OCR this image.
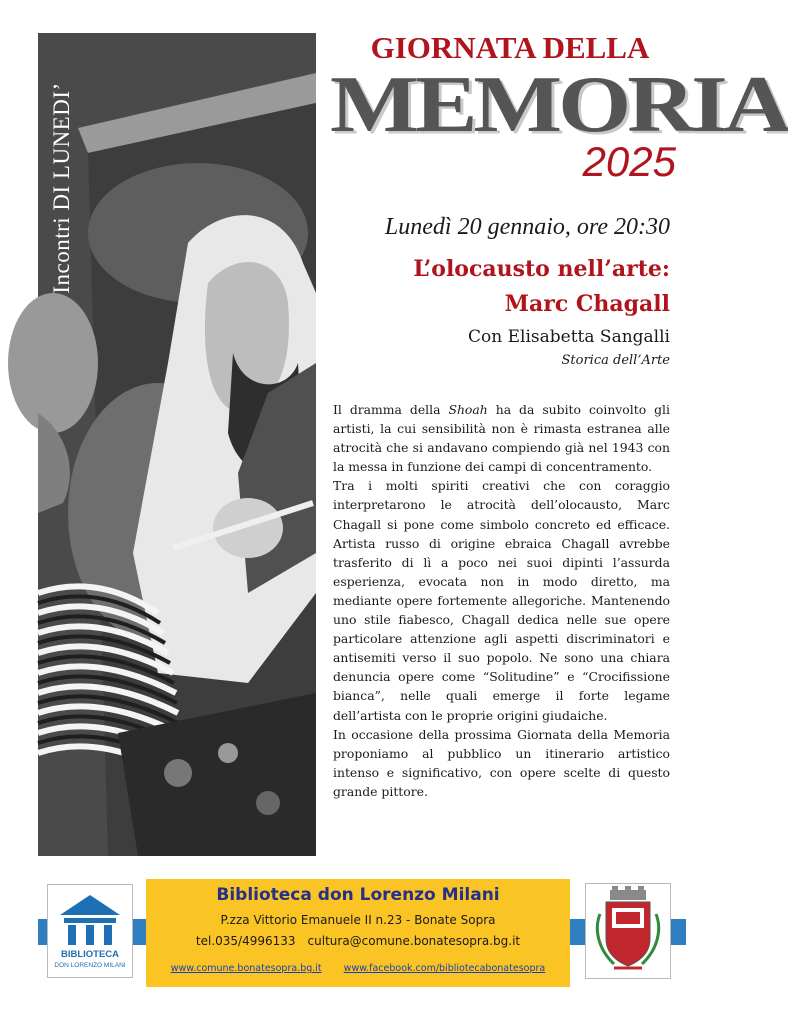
Incontri DI LUNEDI’
GIORNATA DELLA
MEMORIA
2025
Lunedì 20 gennaio, ore 20:30
L’olocausto nell’arte:
Marc Chagall
Con Elisabetta Sangalli
Storica dell’Arte

Il dramma della Shoah ha da subito coinvolto gli artisti, la cui sensibilità non è rimasta estranea alle atrocità che si andavano compiendo già nel 1943 con la messa in funzione dei campi di concentramento.

Tra i molti spiriti creativi che con coraggio interpretarono le atrocità dell’olocausto, Marc Chagall si pone come simbolo concreto ed efficace. Artista russo di origine ebraica Chagall avrebbe trasferito di lì a poco nei suoi dipinti l’assurda esperienza, evocata non in modo diretto, ma mediante opere fortemente allegoriche. Mantenendo uno stile fiabesco, Chagall dedica nelle sue opere particolare attenzione agli aspetti discriminatori e antisemiti verso il suo popolo. Ne sono una chiara denuncia opere come “Solitudine” e “Crocifissione bianca”, nelle quali emerge il forte legame dell’artista con le proprie origini giudaiche.

In occasione della prossima Giornata della Memoria proponiamo al pubblico un itinerario artistico intenso e significativo, con opere scelte di questo grande pittore.

BIBLIOTECA
DON LORENZO MILANI
Biblioteca don Lorenzo Milani
P.zza Vittorio Emanuele II n.23 - Bonate Sopra
tel.035/4996133 cultura@comune.bonatesopra.bg.it
www.comune.bonatesopra.bg.it www.facebook.com/bibliotecabonatesopra
